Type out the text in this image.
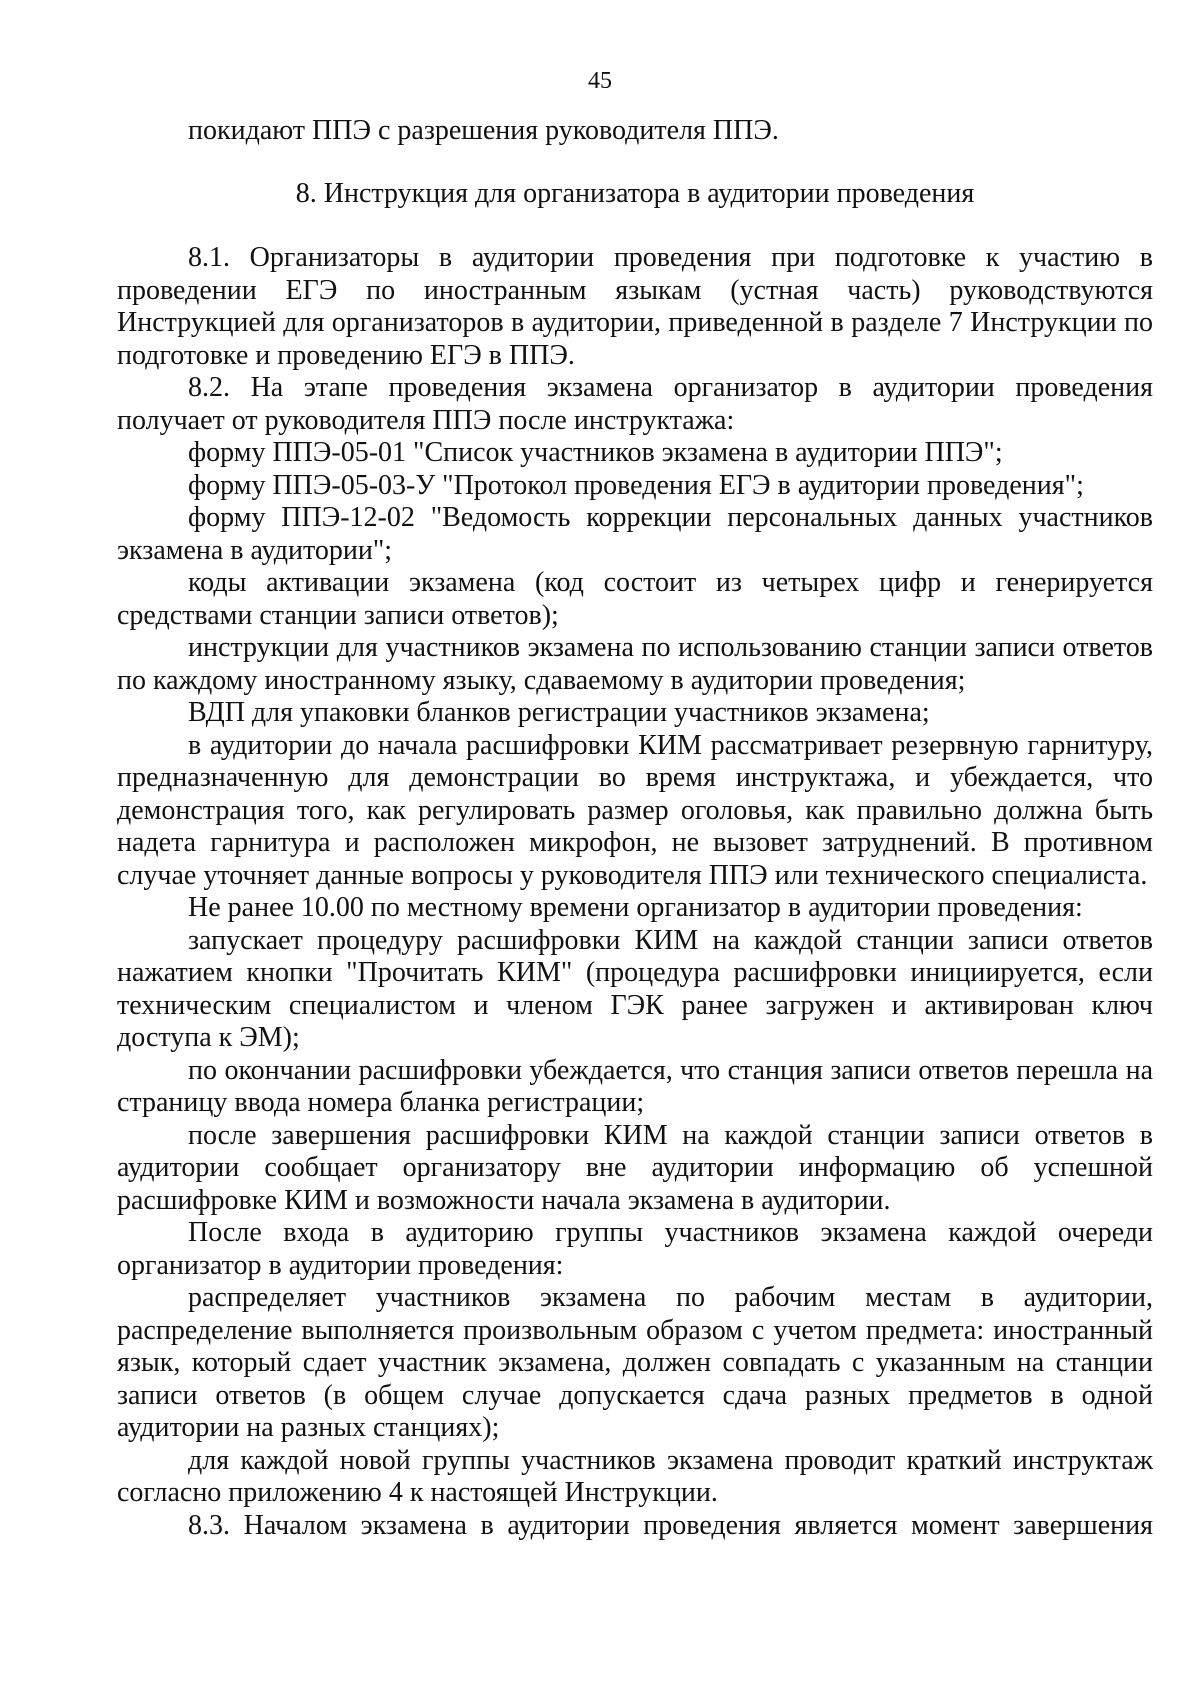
45

покидают ППЭ с разрешения руководителя ППЭ.

8. Инструкция для организатора в аудитории проведения

8.1. Организаторы в аудитории проведения при подготовке к участию в проведении ЕГЭ по иностранным языкам (устная часть) руководствуются Инструкцией для организаторов в аудитории, приведенной в разделе 7 Инструкции по подготовке и проведению ЕГЭ в ППЭ.

8.2. На этапе проведения экзамена организатор в аудитории проведения получает от руководителя ППЭ после инструктажа:

форму ППЭ-05-01 "Список участников экзамена в аудитории ППЭ";

форму ППЭ-05-03-У "Протокол проведения ЕГЭ в аудитории проведения";

форму ППЭ-12-02 "Ведомость коррекции персональных данных участников экзамена в аудитории";

коды активации экзамена (код состоит из четырех цифр и генерируется средствами станции записи ответов);

инструкции для участников экзамена по использованию станции записи ответов по каждому иностранному языку, сдаваемому в аудитории проведения;

ВДП для упаковки бланков регистрации участников экзамена;

в аудитории до начала расшифровки КИМ рассматривает резервную гарнитуру, предназначенную для демонстрации во время инструктажа, и убеждается, что демонстрация того, как регулировать размер оголовья, как правильно должна быть надета гарнитура и расположен микрофон, не вызовет затруднений. В противном случае уточняет данные вопросы у руководителя ППЭ или технического специалиста.

Не ранее 10.00 по местному времени организатор в аудитории проведения:

запускает процедуру расшифровки КИМ на каждой станции записи ответов нажатием кнопки "Прочитать КИМ" (процедура расшифровки инициируется, если техническим специалистом и членом ГЭК ранее загружен и активирован ключ доступа к ЭМ);

по окончании расшифровки убеждается, что станция записи ответов перешла на страницу ввода номера бланка регистрации;

после завершения расшифровки КИМ на каждой станции записи ответов в аудитории сообщает организатору вне аудитории информацию об успешной расшифровке КИМ и возможности начала экзамена в аудитории.

После входа в аудиторию группы участников экзамена каждой очереди организатор в аудитории проведения:

распределяет участников экзамена по рабочим местам в аудитории, распределение выполняется произвольным образом с учетом предмета: иностранный язык, который сдает участник экзамена, должен совпадать с указанным на станции записи ответов (в общем случае допускается сдача разных предметов в одной аудитории на разных станциях);

для каждой новой группы участников экзамена проводит краткий инструктаж согласно приложению 4 к настоящей Инструкции.

8.3. Началом экзамена в аудитории проведения является момент завершения
